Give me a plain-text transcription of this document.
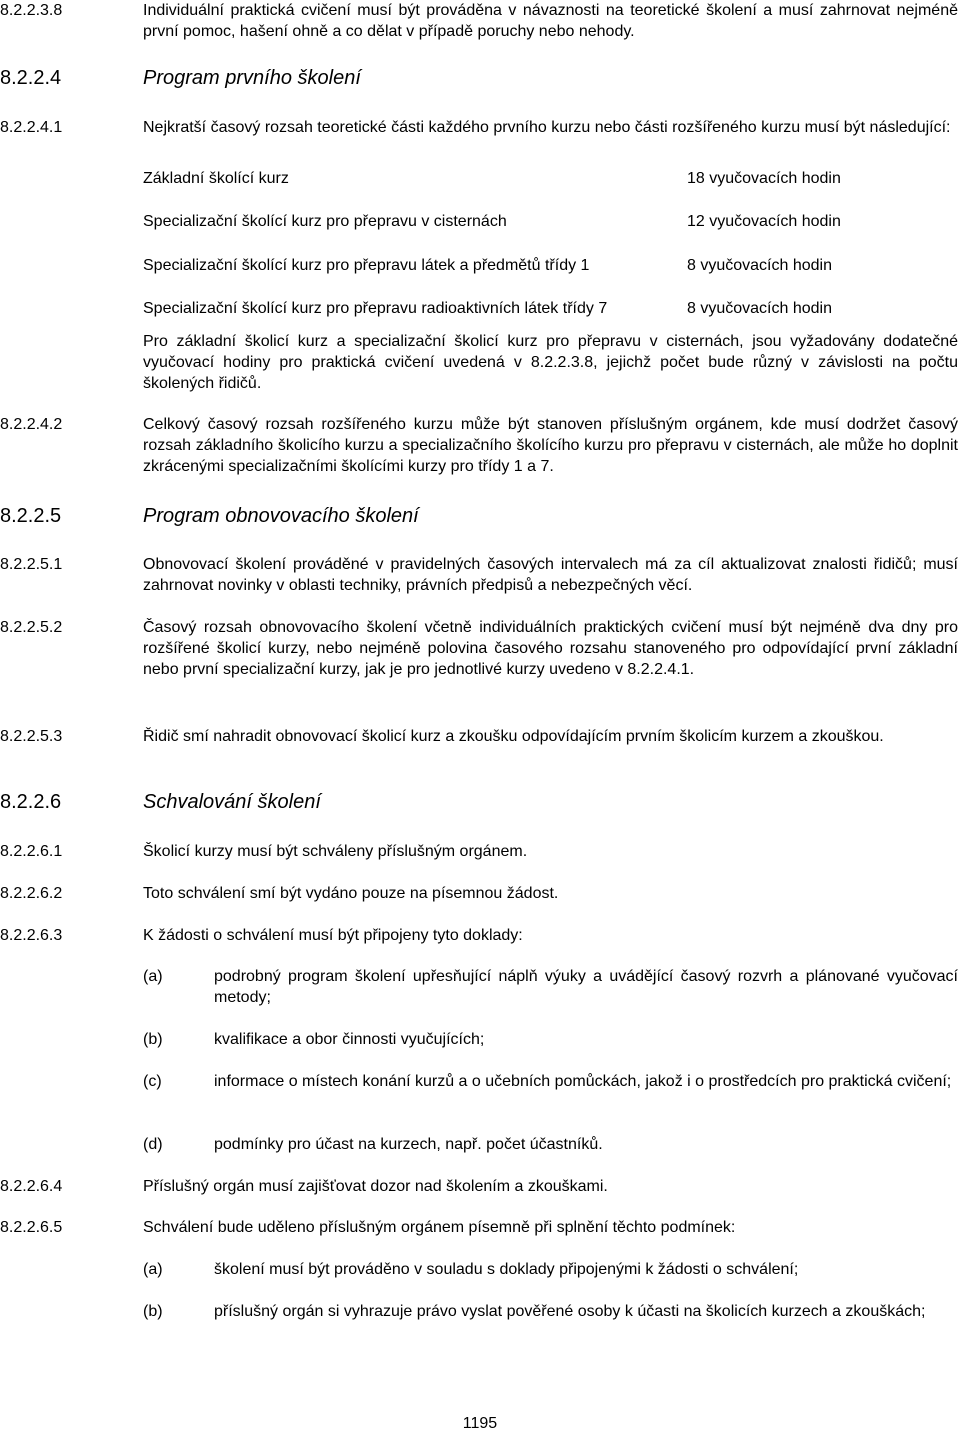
8.2.2.3.8	Individuální praktická cvičení musí být prováděna v návaznosti na teoretické školení a musí zahrnovat nejméně první pomoc, hašení ohně a co dělat v případě poruchy nebo nehody.
8.2.2.4	Program prvního školení
8.2.2.4.1	Nejkratší časový rozsah teoretické části každého prvního kurzu nebo části rozšířeného kurzu musí být následující:
Základní školící kurz	18 vyučovacích hodin
Specializační školící kurz pro přepravu v cisternách	12 vyučovacích hodin
Specializační školící kurz pro přepravu látek a předmětů třídy 1	8 vyučovacích hodin
Specializační školící kurz pro přepravu radioaktivních látek třídy 7	8 vyučovacích hodin
Pro základní školicí kurz a specializační školicí kurz pro přepravu v cisternách, jsou vyžadovány dodatečné vyučovací hodiny pro praktická cvičení uvedená v 8.2.2.3.8, jejichž počet bude různý v závislosti na počtu školených řidičů.
8.2.2.4.2	Celkový časový rozsah rozšířeného kurzu může být stanoven příslušným orgánem, kde musí dodržet časový rozsah základního školicího kurzu a specializačního školícího kurzu pro přepravu v cisternách, ale může ho doplnit zkrácenými specializačními školícími kurzy pro třídy 1 a 7.
8.2.2.5	Program obnovovacího školení
8.2.2.5.1	Obnovovací školení prováděné v pravidelných časových intervalech má za cíl aktualizovat znalosti řidičů; musí zahrnovat novinky v oblasti techniky, právních předpisů a nebezpečných věcí.
8.2.2.5.2	Časový rozsah obnovovacího školení včetně individuálních praktických cvičení musí být nejméně dva dny pro rozšířené školicí kurzy, nebo nejméně polovina časového rozsahu stanoveného pro odpovídající první základní nebo první specializační kurzy, jak je pro jednotlivé kurzy uvedeno v 8.2.2.4.1.
8.2.2.5.3	Řidič smí nahradit obnovovací školicí kurz a zkoušku odpovídajícím prvním školicím kurzem a zkouškou.
8.2.2.6	Schvalování školení
8.2.2.6.1	Školicí kurzy musí být schváleny příslušným orgánem.
8.2.2.6.2	Toto schválení smí být vydáno pouze na písemnou žádost.
8.2.2.6.3	K žádosti o schválení musí být připojeny tyto doklady:
(a)	podrobný program školení upřesňující náplň výuky a uvádějící časový rozvrh a plánované vyučovací metody;
(b)	kvalifikace a obor činnosti vyučujících;
(c)	informace o místech konání kurzů a o učebních pomůckách, jakož i o prostředcích pro praktická cvičení;
(d)	podmínky pro účast na kurzech, např. počet účastníků.
8.2.2.6.4	Příslušný orgán musí zajišťovat dozor nad školením a zkouškami.
8.2.2.6.5	Schválení bude uděleno příslušným orgánem písemně při splnění těchto podmínek:
(a)	školení musí být prováděno v souladu s doklady připojenými k žádosti o schválení;
(b)	příslušný orgán si vyhrazuje právo vyslat pověřené osoby k účasti na školicích kurzech a zkouškách;
1195
